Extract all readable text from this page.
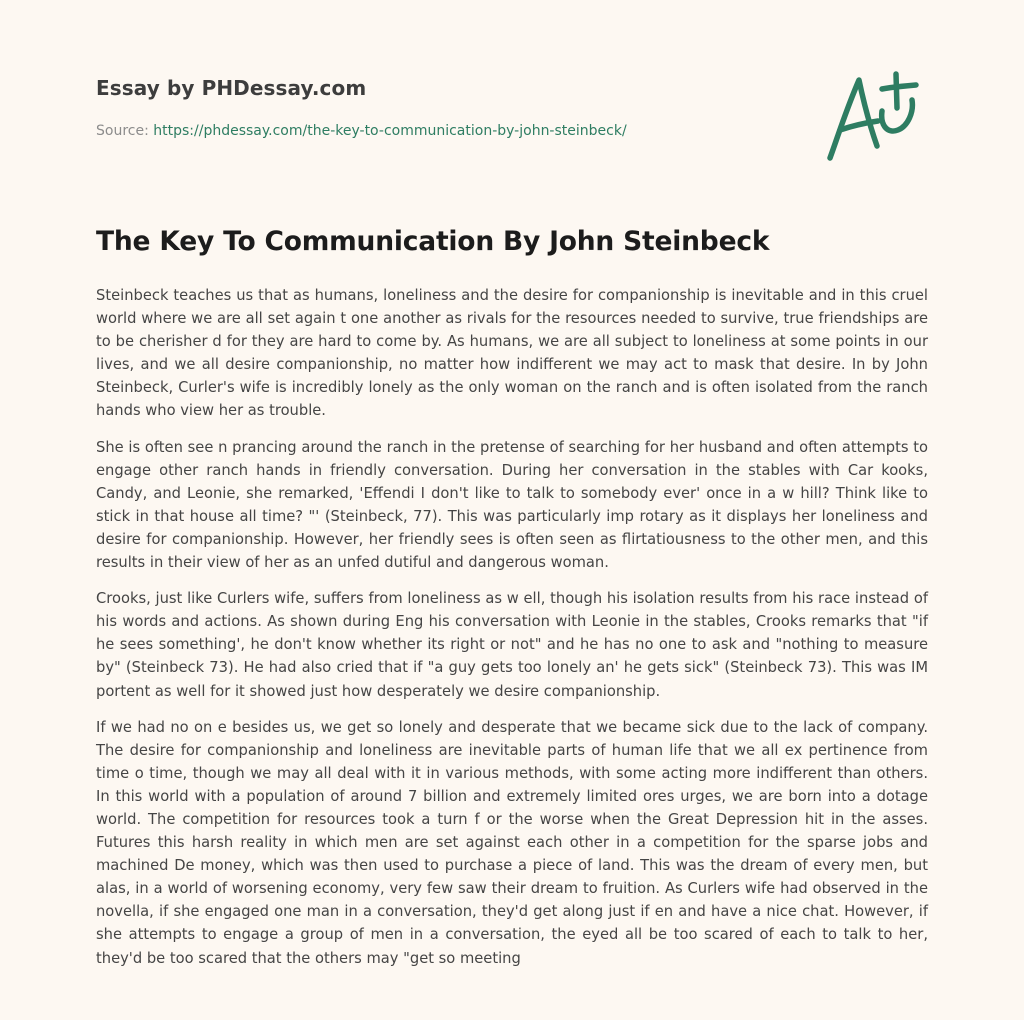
Essay by PHDessay.com
Source: https://phdessay.com/the-key-to-communication-by-john-steinbeck/
The Key To Communication By John Steinbeck

Steinbeck teaches us that as humans, loneliness and the desire for companionship is inevitable and in this cruel world where we are all set again t one another as rivals for the resources needed to survive, true friendships are to be cherisher d for they are hard to come by. As humans, we are all subject to loneliness at some points in our lives, and we all desire companionship, no matter how indifferent we may act to mask that desire. In by John Steinbeck, Curler's wife is incredibly lonely as the only woman on the ranch and is often isolated from the ranch hands who view her as trouble.

She is often see n prancing around the ranch in the pretense of searching for her husband and often attempts to engage other ranch hands in friendly conversation. During her conversation in the stables with Car kooks, Candy, and Leonie, she remarked, 'Effendi I don't like to talk to somebody ever' once in a w hill? Think like to stick in that house all time? "' (Steinbeck, 77). This was particularly imp rotary as it displays her loneliness and desire for companionship. However, her friendly sees is often seen as flirtatiousness to the other men, and this results in their view of her as an unfed dutiful and dangerous woman.

Crooks, just like Curlers wife, suffers from loneliness as w ell, though his isolation results from his race instead of his words and actions. As shown during Eng his conversation with Leonie in the stables, Crooks remarks that "if he sees something', he don't know whether its right or not" and he has no one to ask and "nothing to measure by" (Steinbeck 73). He had also cried that if "a guy gets too lonely an' he gets sick" (Steinbeck 73). This was IM portent as well for it showed just how desperately we desire companionship.

If we had no on e besides us, we get so lonely and desperate that we became sick due to the lack of company. The desire for companionship and loneliness are inevitable parts of human life that we all ex pertinence from time o time, though we may all deal with it in various methods, with some acting more indifferent than others. In this world with a population of around 7 billion and extremely limited ores urges, we are born into a dotage world. The competition for resources took a turn f or the worse when the Great Depression hit in the asses. Futures this harsh reality in which men are set against each other in a competition for the sparse jobs and machined De money, which was then used to purchase a piece of land. This was the dream of every men, but alas, in a world of worsening economy, very few saw their dream to fruition. As Curlers wife had observed in the novella, if she engaged one man in a conversation, they'd get along just if en and have a nice chat. However, if she attempts to engage a group of men in a conversation, the eyed all be too scared of each to talk to her, they'd be too scared that the others may "get so meeting
